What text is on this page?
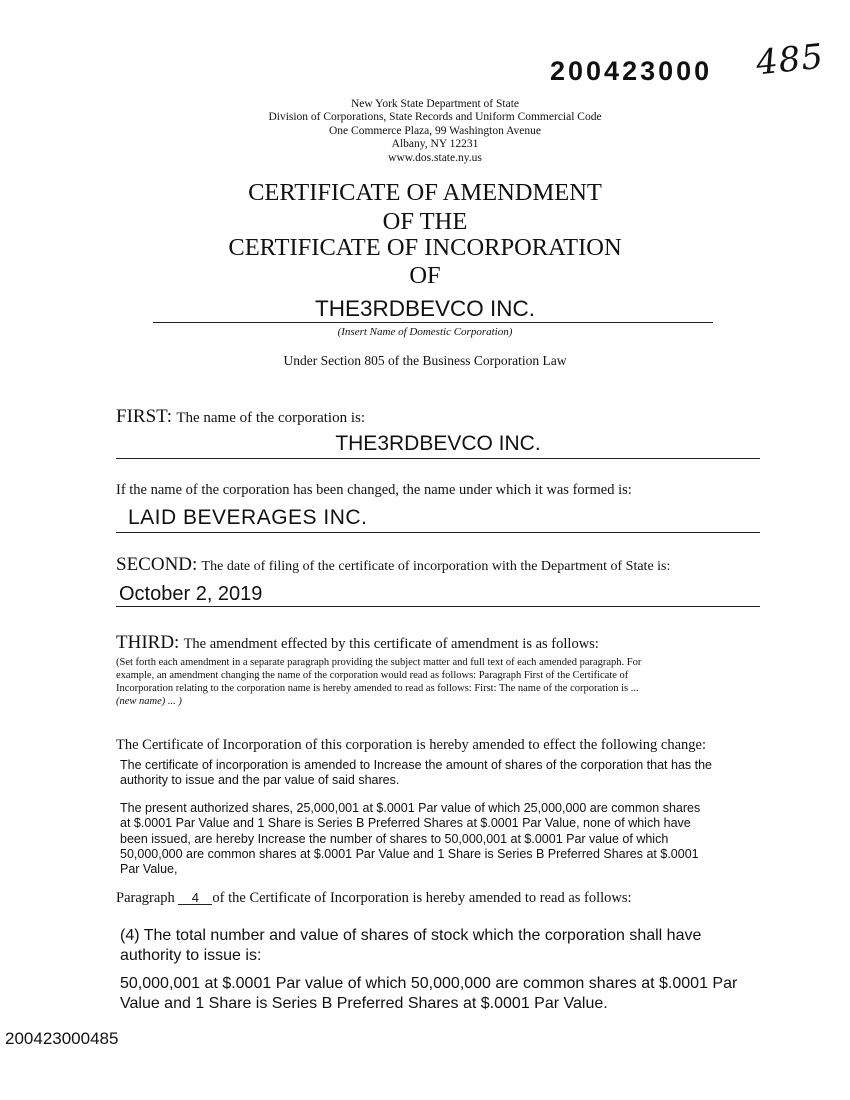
200423000 485
New York State Department of State
Division of Corporations, State Records and Uniform Commercial Code
One Commerce Plaza, 99 Washington Avenue
Albany, NY 12231
www.dos.state.ny.us
CERTIFICATE OF AMENDMENT
OF THE
CERTIFICATE OF INCORPORATION
OF
THE3RDBEVCO INC.
(Insert Name of Domestic Corporation)
Under Section 805 of the Business Corporation Law
FIRST: The name of the corporation is:
THE3RDBEVCO INC.
If the name of the corporation has been changed, the name under which it was formed is:
LAID BEVERAGES INC.
SECOND: The date of filing of the certificate of incorporation with the Department of State is:
October 2, 2019
THIRD: The amendment effected by this certificate of amendment is as follows:
(Set forth each amendment in a separate paragraph providing the subject matter and full text of each amended paragraph. For
example, an amendment changing the name of the corporation would read as follows: Paragraph First of the Certificate of
Incorporation relating to the corporation name is hereby amended to read as follows: First: The name of the corporation is ...
(new name) ... )
The Certificate of Incorporation of this corporation is hereby amended to effect the following change:
The certificate of incorporation is amended to Increase the amount of shares of the corporation that has the
authority to issue and the par value of said shares.
The present authorized shares, 25,000,001 at $.0001 Par value of which 25,000,000 are common shares
at $.0001 Par Value and 1 Share is Series B Preferred Shares at $.0001 Par Value, none of which have
been issued, are hereby Increase the number of shares to 50,000,001 at $.0001 Par value of which
50,000,000 are common shares at $.0001 Par Value and 1 Share is Series B Preferred Shares at $.0001
Par Value,
Paragraph 4 of the Certificate of Incorporation is hereby amended to read as follows:
(4) The total number and value of shares of stock which the corporation shall have
authority to issue is:
50,000,001 at $.0001 Par value of which 50,000,000 are common shares at $.0001 Par
Value and 1 Share is Series B Preferred Shares at $.0001 Par Value.
200423000485
